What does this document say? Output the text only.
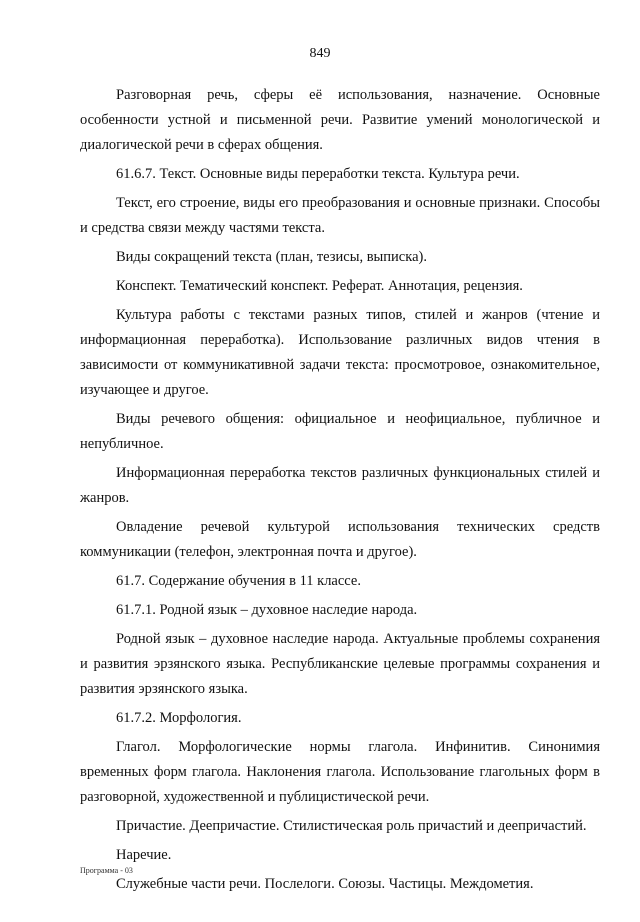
849

Разговорная речь, сферы её использования, назначение. Основные особенности устной и письменной речи. Развитие умений монологической и диалогической речи в сферах общения.

61.6.7. Текст. Основные виды переработки текста. Культура речи.

Текст, его строение, виды его преобразования и основные признаки. Способы и средства связи между частями текста.

Виды сокращений текста (план, тезисы, выписка).

Конспект. Тематический конспект. Реферат. Аннотация, рецензия.

Культура работы с текстами разных типов, стилей и жанров (чтение и информационная переработка). Использование различных видов чтения в зависимости от коммуникативной задачи текста: просмотровое, ознакомительное, изучающее и другое.

Виды речевого общения: официальное и неофициальное, публичное и непубличное.

Информационная переработка текстов различных функциональных стилей и жанров.

Овладение речевой культурой использования технических средств коммуникации (телефон, электронная почта и другое).

61.7. Содержание обучения в 11 классе.

61.7.1. Родной язык – духовное наследие народа.

Родной язык – духовное наследие народа. Актуальные проблемы сохранения и развития эрзянского языка. Республиканские целевые программы сохранения и развития эрзянского языка.

61.7.2. Морфология.

Глагол. Морфологические нормы глагола. Инфинитив. Синонимия временных форм глагола. Наклонения глагола. Использование глагольных форм в разговорной, художественной и публицистической речи.

Причастие. Деепричастие. Стилистическая роль причастий и деепричастий.

Наречие.

Служебные части речи. Послелоги. Союзы. Частицы. Междометия.

Программа - 03
